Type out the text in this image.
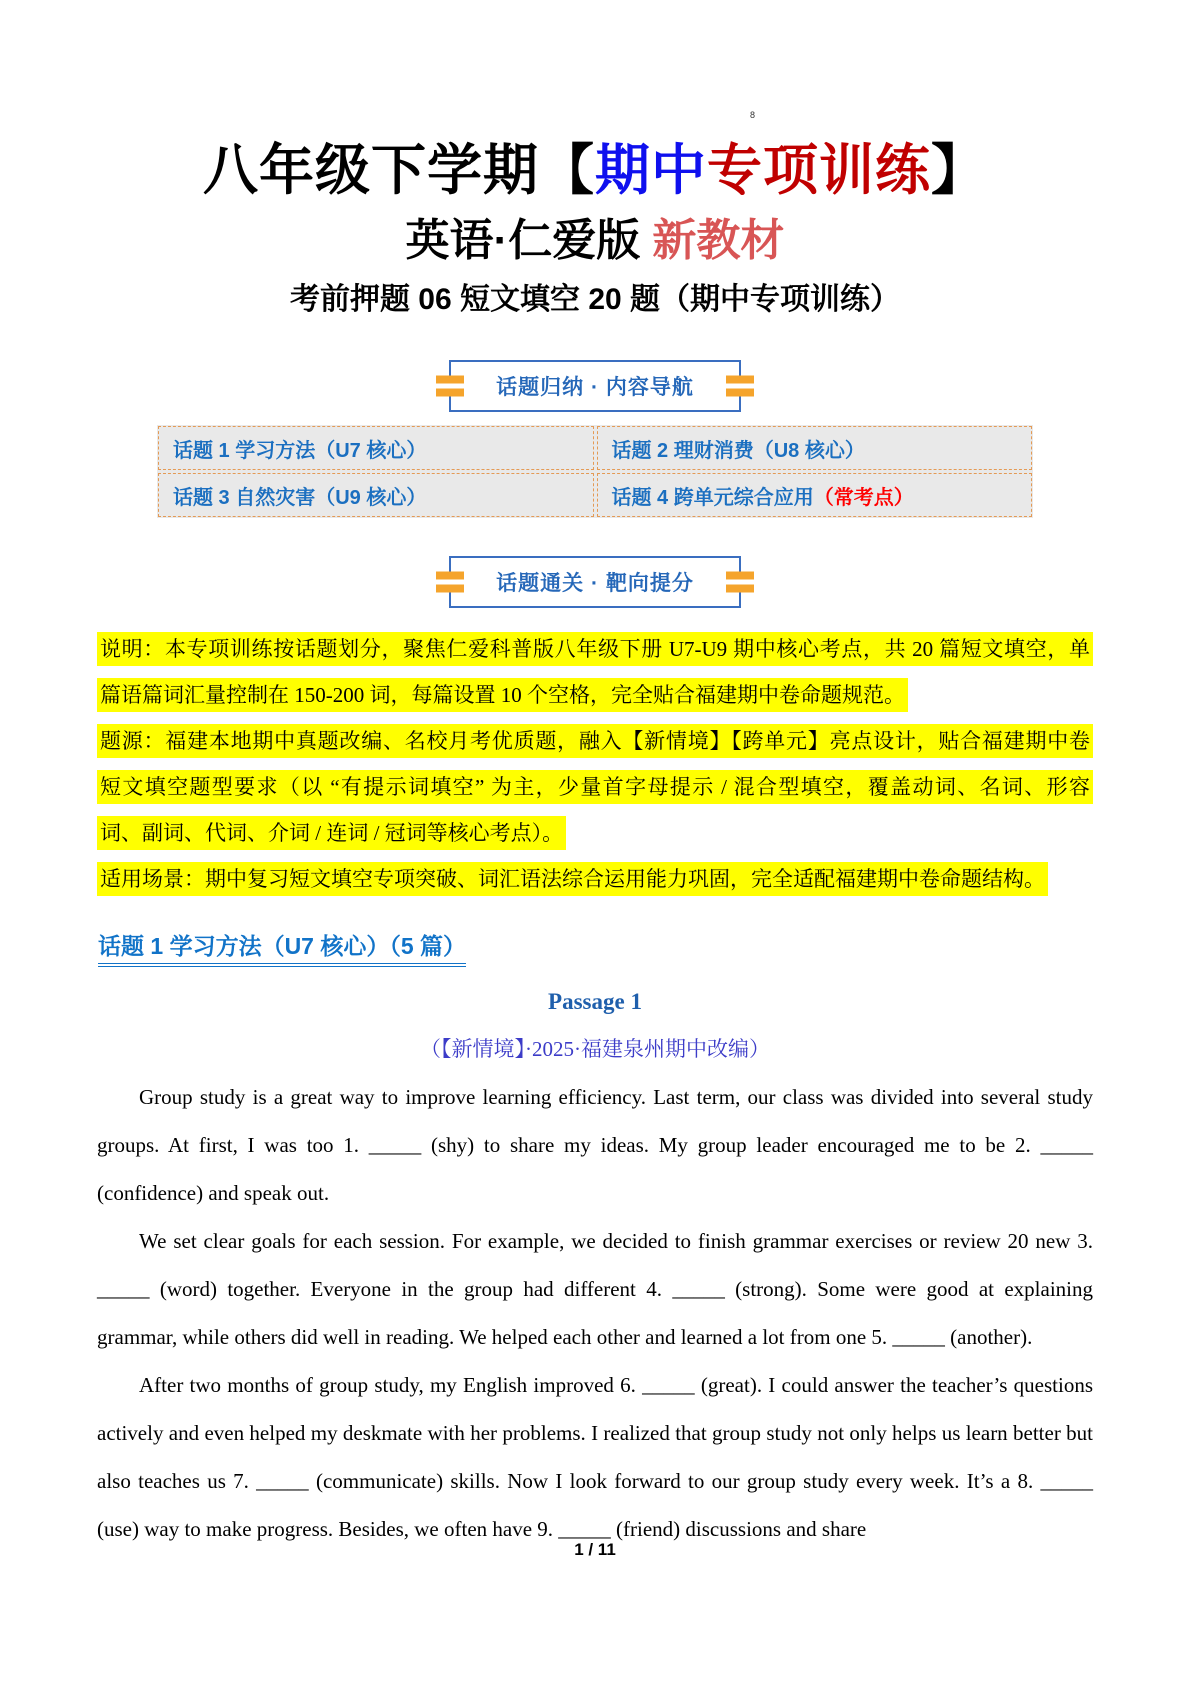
8
八年级下学期【期中专项训练】
英语·仁爱版 新教材
考前押题 06 短文填空 20 题（期中专项训练）
话题归纳 · 内容导航
话题 1 学习方法（U7 核心）	话题 2 理财消费（U8 核心）
话题 3 自然灾害（U9 核心）	话题 4 跨单元综合应用 （常考点）
话题通关 · 靶向提分
说明：本专项训练按话题划分，聚焦仁爱科普版八年级下册 U7-U9 期中核心考点，共 20 篇短文填空，单
篇语篇词汇量控制在 150-200 词，每篇设置 10 个空格，完全贴合福建期中卷命题规范。
题源：福建本地期中真题改编、名校月考优质题，融入【新情境】【跨单元】亮点设计，贴合福建期中卷
短文填空题型要求（以 “有提示词填空” 为主，少量首字母提示 / 混合型填空，覆盖动词、名词、形容
词、副词、代词、介词 / 连词 / 冠词等核心考点）。
适用场景：期中复习短文填空专项突破、词汇语法综合运用能力巩固，完全适配福建期中卷命题结构。
话题 1 学习方法（U7 核心）（5 篇）
Passage 1
（【新情境】·2025·福建泉州期中改编）

Group study is a great way to improve learning efficiency. Last term, our class was divided into several study groups. At first, I was too 1. _____ (shy) to share my ideas. My group leader encouraged me to be 2. _____ (confidence) and speak out.

We set clear goals for each session. For example, we decided to finish grammar exercises or review 20 new 3. _____ (word) together. Everyone in the group had different 4. _____ (strong). Some were good at explaining grammar, while others did well in reading. We helped each other and learned a lot from one 5. _____ (another).

After two months of group study, my English improved 6. _____ (great). I could answer the teacher’s questions actively and even helped my deskmate with her problems. I realized that group study not only helps us learn better but also teaches us 7. _____ (communicate) skills. Now I look forward to our group study every week. It’s a 8. _____ (use) way to make progress. Besides, we often have 9. _____ (friend) discussions and share

1 / 11
